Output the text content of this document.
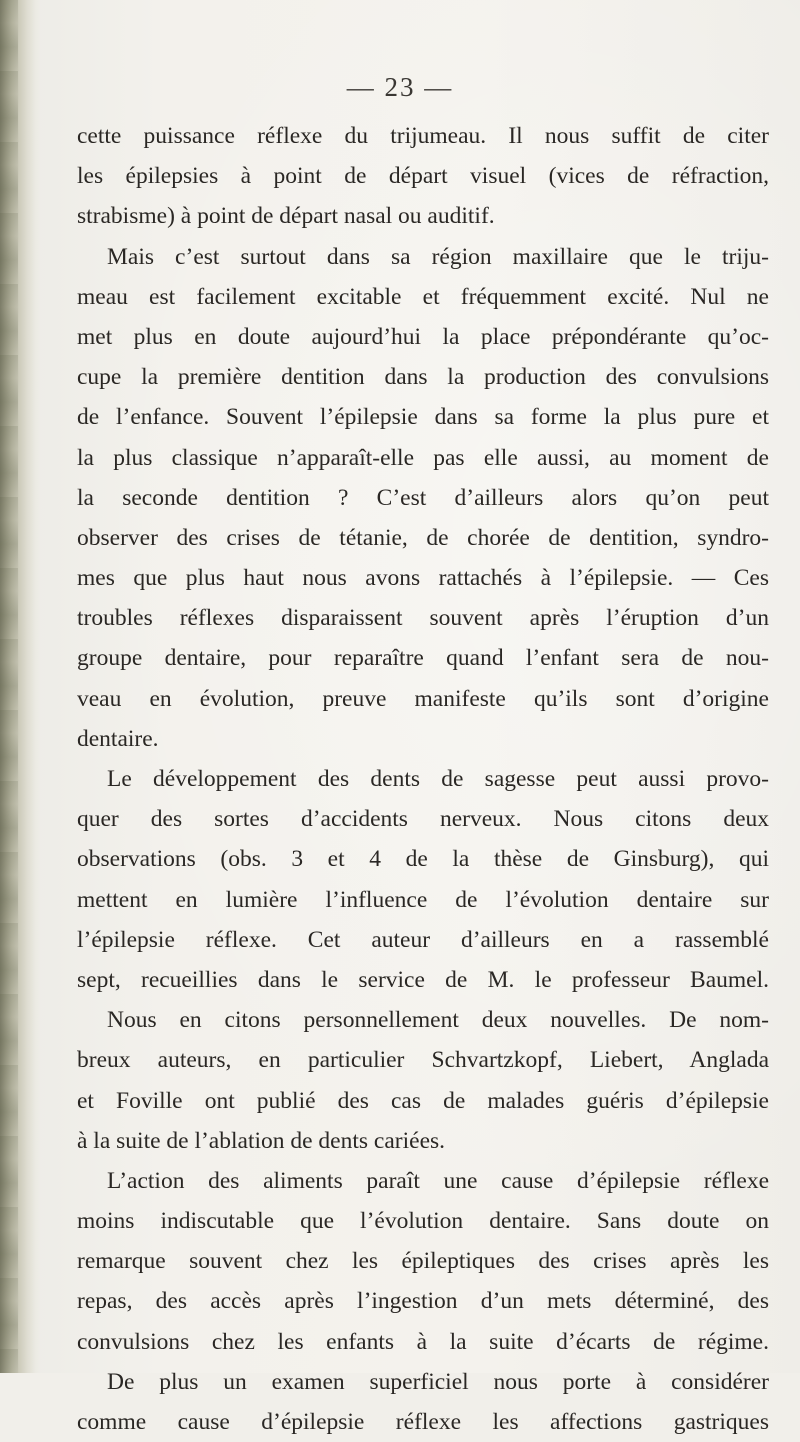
— 23 —
cette puissance réflexe du trijumeau. Il nous suffit de citer
les épilepsies à point de départ visuel (vices de réfraction,
strabisme) à point de départ nasal ou auditif.
Mais c’est surtout dans sa région maxillaire que le triju-
meau est facilement excitable et fréquemment excité. Nul ne
met plus en doute aujourd’hui la place prépondérante qu’oc-
cupe la première dentition dans la production des convulsions
de l’enfance. Souvent l’épilepsie dans sa forme la plus pure et
la plus classique n’apparaît-elle pas elle aussi, au moment de
la seconde dentition ? C’est d’ailleurs alors qu’on peut
observer des crises de tétanie, de chorée de dentition, syndro-
mes que plus haut nous avons rattachés à l’épilepsie. — Ces
troubles réflexes disparaissent souvent après l’éruption d’un
groupe dentaire, pour reparaître quand l’enfant sera de nou-
veau en évolution, preuve manifeste qu’ils sont d’origine
dentaire.
Le développement des dents de sagesse peut aussi provo-
quer des sortes d’accidents nerveux. Nous citons deux
observations (obs. 3 et 4 de la thèse de Ginsburg), qui
mettent en lumière l’influence de l’évolution dentaire sur
l’épilepsie réflexe. Cet auteur d’ailleurs en a rassemblé
sept, recueillies dans le service de M. le professeur Baumel.
Nous en citons personnellement deux nouvelles. De nom-
breux auteurs, en particulier Schvartzkopf, Liebert, Anglada
et Foville ont publié des cas de malades guéris d’épilepsie
à la suite de l’ablation de dents cariées.
L’action des aliments paraît une cause d’épilepsie réflexe
moins indiscutable que l’évolution dentaire. Sans doute on
remarque souvent chez les épileptiques des crises après les
repas, des accès après l’ingestion d’un mets déterminé, des
convulsions chez les enfants à la suite d’écarts de régime.
De plus un examen superficiel nous porte à considérer
comme cause d’épilepsie réflexe les affections gastriques
